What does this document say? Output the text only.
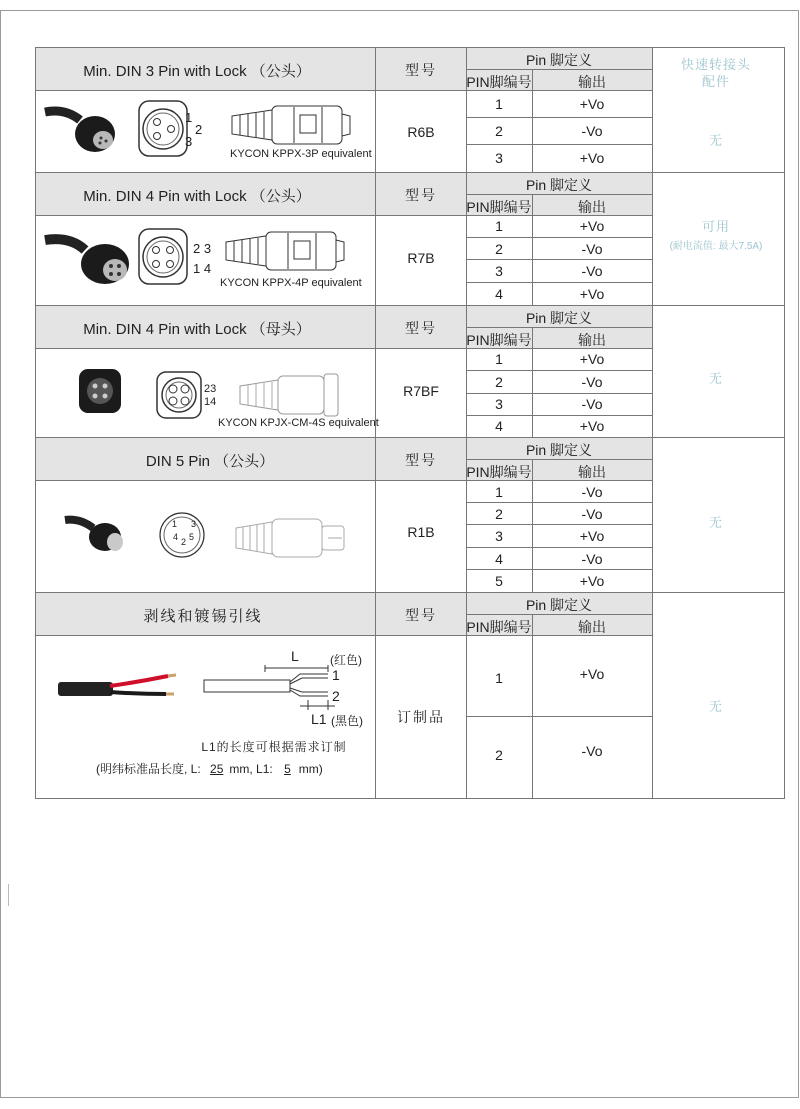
快速转接头
配件
Min. DIN 3 Pin with Lock （公头）	型号
Pin 脚定义
PIN脚编号	输出
R6B
1	+Vo
2	-Vo
3	+Vo
无
1
2
3
KYCON KPPX-3P equivalent
Min. DIN 4 Pin with Lock （公头）	型号
Pin 脚定义
PIN脚编号	输出
R7B
1	+Vo
2	-Vo
3	-Vo
4	+Vo
可用
(耐电流值: 最大7.5A)
2 3
1 4
KYCON KPPX-4P equivalent
Min. DIN 4 Pin with Lock （母头）	型号
Pin 脚定义
PIN脚编号	输出
R7BF
1	+Vo
2	-Vo
3	-Vo
4	+Vo
无
23
14
KYCON KPJX-CM-4S equivalent
DIN 5 Pin （公头）	型号
Pin 脚定义
PIN脚编号	输出
R1B
1	-Vo
2	-Vo
3	+Vo
4	-Vo
5	+Vo
无
1 3
4 2 5
剥线和镀锡引线	型号
Pin 脚定义
PIN脚编号	输出
订制品
1	+Vo
2	-Vo
无
L	(红色)
1
2
L1 (黑色)
L1的长度可根据需求订制
(明纬标准品长度, L: 25 mm, L1: 5 mm)
